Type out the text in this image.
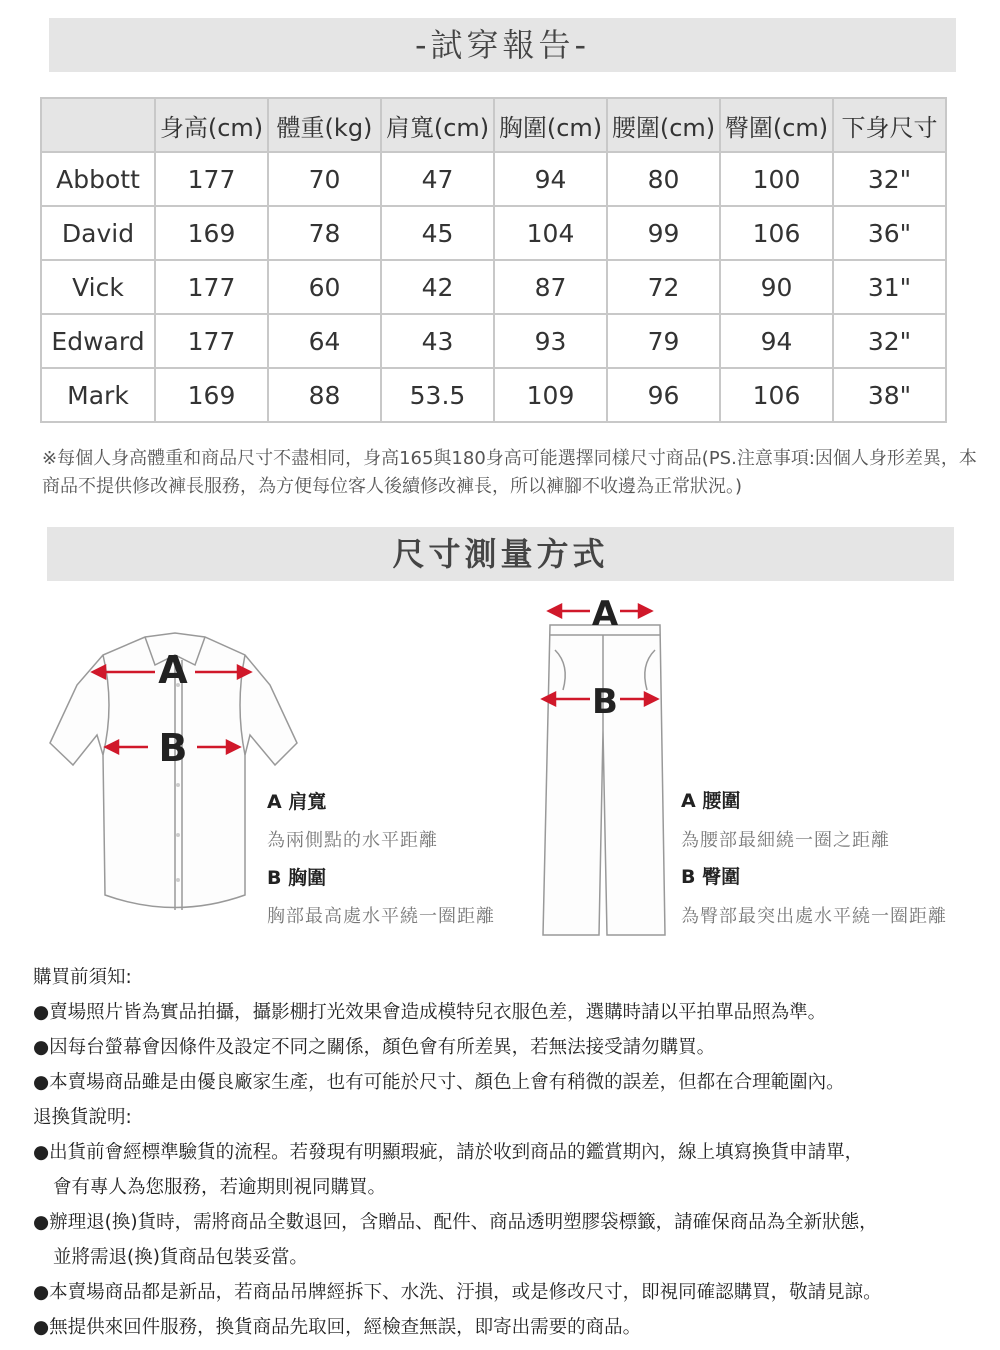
-試穿報告-
	身高(cm)	體重(kg)	肩寬(cm)	胸圍(cm)	腰圍(cm)	臀圍(cm)	下身尺寸
Abbott	177	70	47	94	80	100	32"
David	169	78	45	104	99	106	36"
Vick	177	60	42	87	72	90	31"
Edward	177	64	43	93	79	94	32"
Mark	169	88	53.5	109	96	106	38"
※每個人身高體重和商品尺寸不盡相同，身高165與180身高可能選擇同樣尺寸商品(PS.注意事項:因個人身形差異，本商品不提供修改褲長服務，為方便每位客人後續修改褲長，所以褲腳不收邊為正常狀況。)
尺寸測量方式
A
B
A
B
A 肩寬
為兩側點的水平距離
B 胸圍
胸部最高處水平繞一圈距離
A 腰圍
為腰部最細繞一圈之距離
B 臀圍
為臀部最突出處水平繞一圈距離
購買前須知:
●賣場照片皆為實品拍攝，攝影棚打光效果會造成模特兒衣服色差，選購時請以平拍單品照為準。
●因每台螢幕會因條件及設定不同之關係，顏色會有所差異，若無法接受請勿購買。
●本賣場商品雖是由優良廠家生產，也有可能於尺寸、顏色上會有稍微的誤差，但都在合理範圍內。
退換貨說明:
●出貨前會經標準驗貨的流程。若發現有明顯瑕疵，請於收到商品的鑑賞期內，線上填寫換貨申請單，
會有專人為您服務，若逾期則視同購買。
●辦理退(換)貨時，需將商品全數退回，含贈品、配件、商品透明塑膠袋標籤，請確保商品為全新狀態，
並將需退(換)貨商品包裝妥當。
●本賣場商品都是新品，若商品吊牌經拆下、水洗、汙損，或是修改尺寸，即視同確認購買，敬請見諒。
●無提供來回件服務，換貨商品先取回，經檢查無誤，即寄出需要的商品。
